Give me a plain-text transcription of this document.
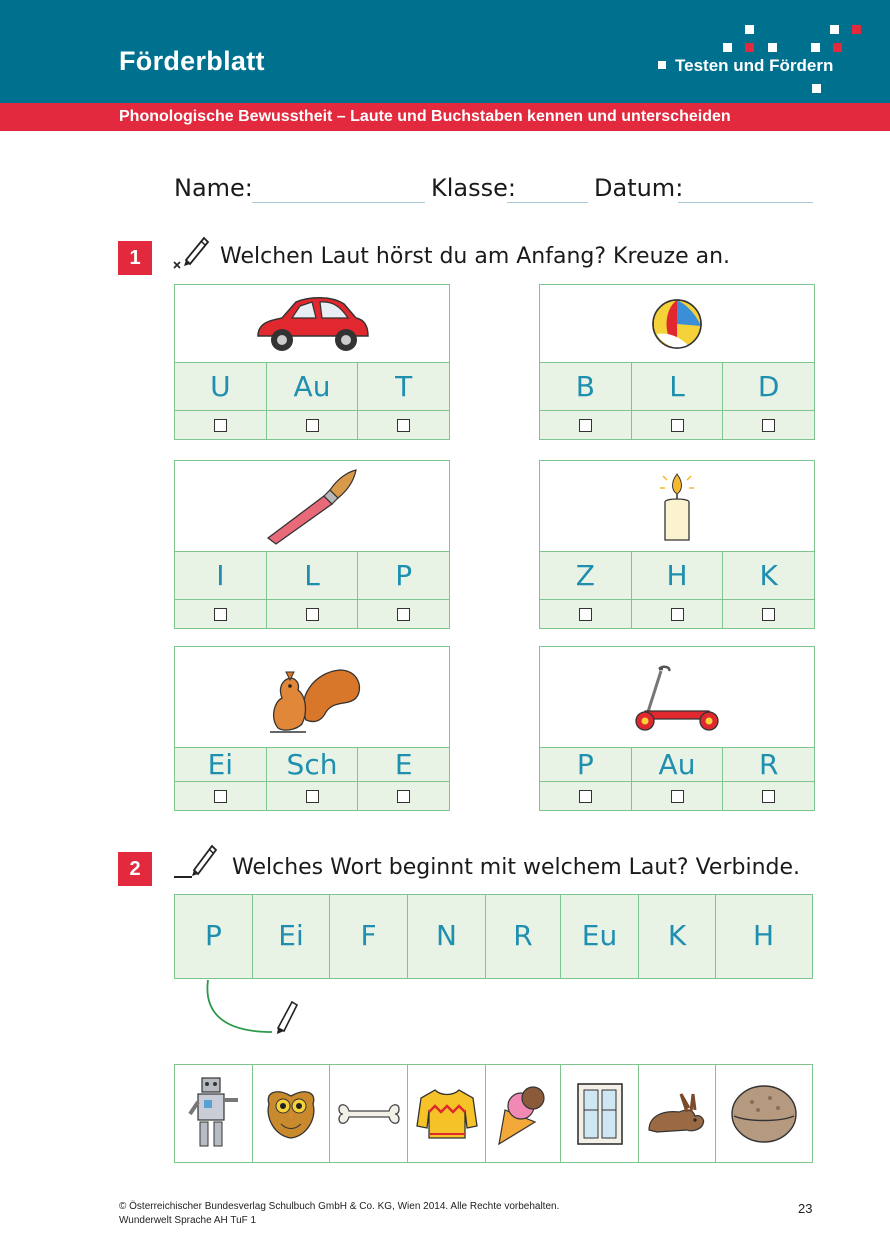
Förderblatt	Testen und Fördern
Phonologische Bewusstheit – Laute und Buchstaben kennen und unterscheiden
Name:	Klasse:	Datum:
1	Welchen Laut hörst du am Anfang? Kreuze an.
U	Au	T	B	L	D
I	L	P	Z	H	K
Ei	Sch	E	P	Au	R
2	Welches Wort beginnt mit welchem Laut? Verbinde.
P	Ei	F	N	R	Eu	K	H
© Österreichischer Bundesverlag Schulbuch GmbH & Co. KG, Wien 2014. Alle Rechte vorbehalten.
Wunderwelt Sprache AH TuF 1
23
